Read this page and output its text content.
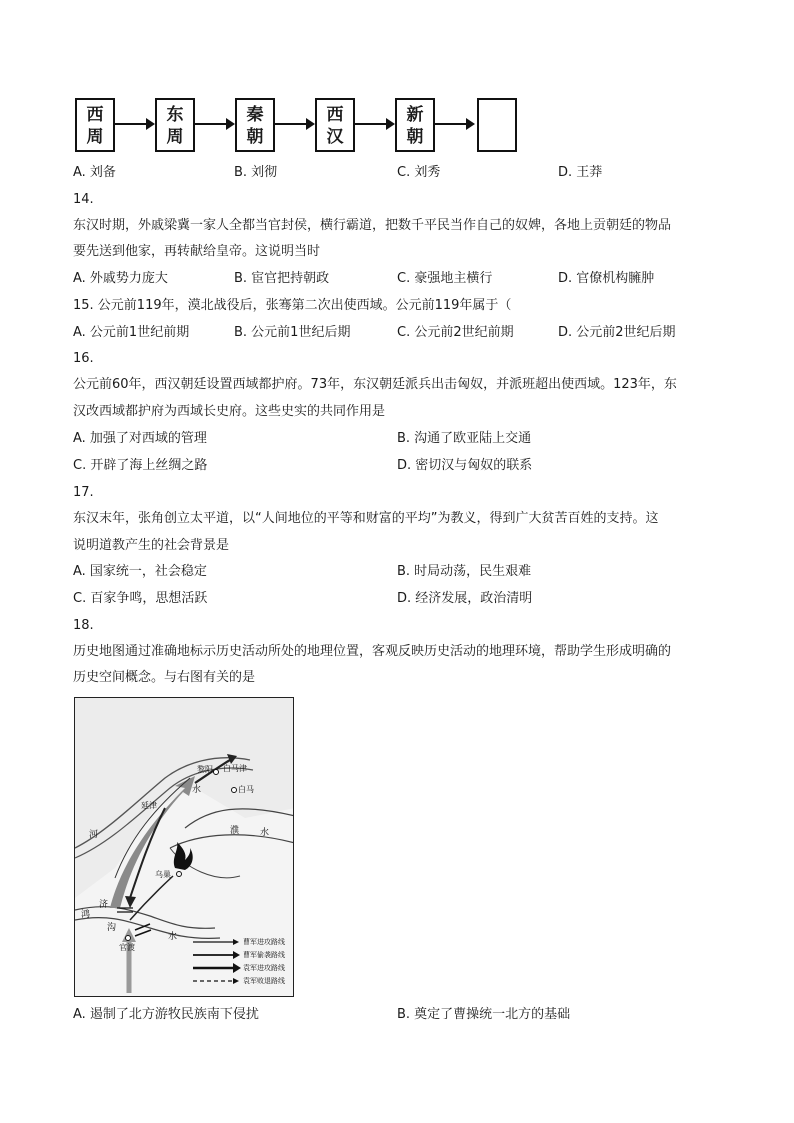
西
周
东
周
秦
朝
西
汉
新
朝
A. 刘备	B. 刘彻	C. 刘秀	D. 王莽
14.
东汉时期，外戚梁冀一家人全都当官封侯，横行霸道，把数千平民当作自己的奴婢，各地上贡朝廷的物品
要先送到他家，再转献给皇帝。这说明当时
A. 外戚势力庞大	B. 宦官把持朝政	C. 豪强地主横行	D. 官僚机构臃肿
15. 公元前119年，漠北战役后，张骞第二次出使西域。公元前119年属于（
A. 公元前1世纪前期	B. 公元前1世纪后期	C. 公元前2世纪前期	D. 公元前2世纪后期
16.
公元前60年，西汉朝廷设置西域都护府。73年，东汉朝廷派兵出击匈奴，并派班超出使西域。123年，东
汉改西域都护府为西域长史府。这些史实的共同作用是
A. 加强了对西域的管理	B. 沟通了欧亚陆上交通
C. 开辟了海上丝绸之路	D. 密切汉与匈奴的联系
17.
东汉末年，张角创立太平道，以“人间地位的平等和财富的平均”为教义，得到广大贫苦百姓的支持。这
说明道教产生的社会背景是
A. 国家统一，社会稳定	B. 时局动荡，民生艰难
C. 百家争鸣，思想活跃	D. 经济发展，政治清明
18.
历史地图通过准确地标示历史活动所处的地理位置，客观反映历史活动的地理环境，帮助学生形成明确的
历史空间概念。与右图有关的是
黎阳 白马津
白马
延津
乌巢
官渡
河
水
濮 水
济
水
鸿
沟
曹军进攻路线
曹军偷袭路线
袁军进攻路线
袁军败退路线
A. 遏制了北方游牧民族南下侵扰	B. 奠定了曹操统一北方的基础
